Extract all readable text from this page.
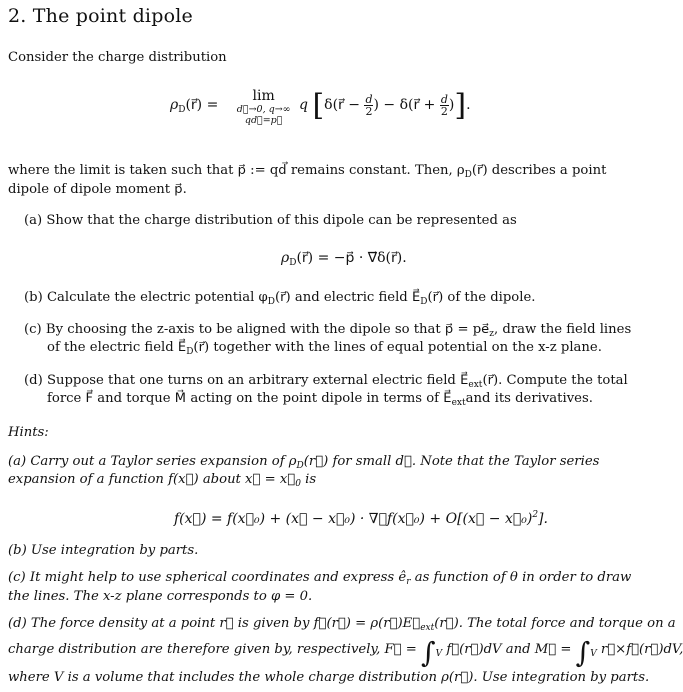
2. The point dipole
Consider the charge distribution
$\rho_D(r⃗)$ =
lim
d⃗→0, q→∞
qd⃗=p⃗
q [δ(r⃗ − $\frac{d}{2}$ ) − δ(r⃗ + $\frac{d}{2}$ )].
where the limit is taken such that p⃗ := qd⃗ remains constant. Then, $\rho_D(r⃗)$ describes a point
dipole of dipole moment p⃗.
(a) Show that the charge distribution of this dipole can be represented as
$\rho_D(r⃗)$ = −p⃗ · ∇⃗δ(r⃗).
(b) Calculate the electric potential $\varphi_D(r⃗)$ and electric field $E⃗_D(r⃗)$ of the dipole.
(c) By choosing the z-axis to be aligned with the dipole so that p⃗ = $pe⃗_z$, draw the field lines
of the electric field $E⃗_D(r⃗)$ together with the lines of equal potential on the x-z plane.
(d) Suppose that one turns on an arbitrary external electric field $E⃗_{ext}(r⃗)$. Compute the total
force F⃗ and torque M⃗ acting on the point dipole in terms of $E⃗_{ext}and$ its derivatives.
Hints:
(a) Carry out a Taylor series expansion of $\rho_D(r⃗)$ for small d⃗. Note that the Taylor series
expansion of a function f(x⃗) about x⃗ = $x⃗_0$ is
f(x⃗) = f(x⃗₀) + (x⃗ − x⃗₀) · ∇⃗f(x⃗₀) + O[(x⃗ − x⃗₀)$^2$].
(b) Use integration by parts.
(c) It might help to use spherical coordinates and express $ê_r$ as function of θ in order to draw
the lines. The x-z plane corresponds to φ = 0.
(d) The force density at a point r⃗ is given by f⃗(r⃗) = $\rho(r⃗)E⃗_{ext}(r⃗)$. The total force and torque on a
charge distribution are therefore given by, respectively, F⃗ = $\int_V$ f⃗(r⃗)dV and M⃗ = $\int_V$ r⃗×f⃗(r⃗)dV,
where V is a volume that includes the whole charge distribution ρ(r⃗). Use integration by parts.
